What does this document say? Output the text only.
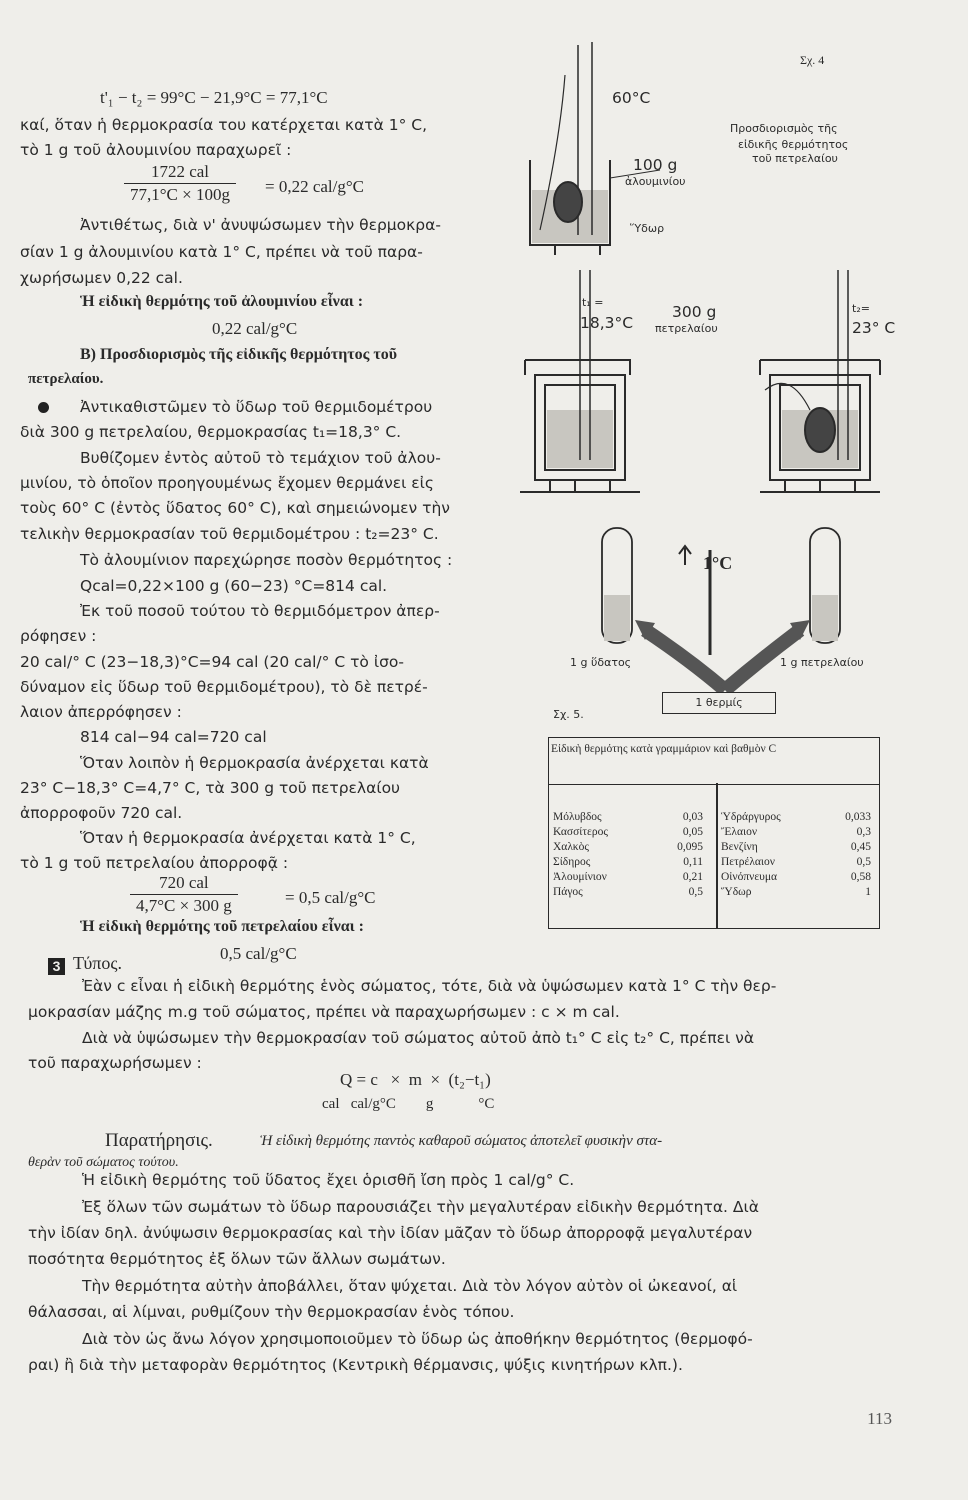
t'₁ − t₂ = 99°C − 21,9°C = 77,1°C
καί, ὅταν ἡ θερμοκρασία του κατέρχεται κατὰ 1° C,
τὸ 1 g τοῦ ἀλουμινίου παραχωρεῖ :
1722 cal
77,1°C × 100g	= 0,22 cal/g°C
Ἀντιθέτως, διὰ ν' ἀνυψώσωμεν τὴν θερμοκρα-
σίαν 1 g ἀλουμινίου κατὰ 1° C, πρέπει νὰ τοῦ παρα-
χωρήσωμεν 0,22 cal.
Ἡ εἰδικὴ θερμότης τοῦ ἀλουμινίου εἶναι :
0,22 cal/g°C
Β) Προσδιορισμὸς τῆς εἰδικῆς θερμότητος τοῦ
πετρελαίου.
Ἀντικαθιστῶμεν τὸ ὕδωρ τοῦ θερμιδομέτρου
διὰ 300 g πετρελαίου, θερμοκρασίας t₁=18,3° C.
Βυθίζομεν ἐντὸς αὐτοῦ τὸ τεμάχιον τοῦ ἀλου-
μινίου, τὸ ὁποῖον προηγουμένως ἔχομεν θερμάνει εἰς
τοὺς 60° C (ἐντὸς ὕδατος 60° C), καὶ σημειώνομεν τὴν
τελικὴν θερμοκρασίαν τοῦ θερμιδομέτρου : t₂=23° C.
Τὸ ἀλουμίνιον παρεχώρησε ποσὸν θερμότητος :
Qcal=0,22×100 g (60−23) °C=814 cal.
Ἐκ τοῦ ποσοῦ τούτου τὸ θερμιδόμετρον ἀπερ-
ρόφησεν :
20 cal/° C (23−18,3)°C=94 cal (20 cal/° C τὸ ἰσο-
δύναμον εἰς ὕδωρ τοῦ θερμιδομέτρου), τὸ δὲ πετρέ-
λαιον ἀπερρόφησεν :
814 cal−94 cal=720 cal
Ὅταν λοιπὸν ἡ θερμοκρασία ἀνέρχεται κατὰ
23° C−18,3° C=4,7° C, τὰ 300 g τοῦ πετρελαίου
ἀπορροφοῦν 720 cal.
Ὅταν ἡ θερμοκρασία ἀνέρχεται κατὰ 1° C,
τὸ 1 g τοῦ πετρελαίου ἀπορροφᾷ :
720 cal
4,7°C × 300 g	= 0,5 cal/g°C
Ἡ εἰδικὴ θερμότης τοῦ πετρελαίου εἶναι :
0,5 cal/g°C
Σχ. 4
Προσδιορισμὸς τῆς
εἰδικῆς θερμότητος
τοῦ πετρελαίου
60°C
100 g
ἀλουμινίου
Ὕδωρ
t₁ =
18,3°C
300 g
πετρελαίου
t₂=
23° C
1°C
1 g ὕδατος	1 g πετρελαίου
1 θερμίς
Σχ. 5.
Εἰδικὴ θερμότης κατὰ γραμμάριον καὶ βαθμὸν C
Μόλυβδος	0,03
Κασσίτερος	0,05
Χαλκὸς	0,095
Σίδηρος	0,11
Ἀλουμίνιον	0,21
Πάγος	0,5
Ὑδράργυρος	0,033
Ἔλαιον	0,3
Βενζίνη	0,45
Πετρέλαιον	0,5
Οἰνόπνευμα	0,58
Ὕδωρ	1
3 Τύπος.
Ἐὰν c εἶναι ἡ εἰδικὴ θερμότης ἑνὸς σώματος, τότε, διὰ νὰ ὑψώσωμεν κατὰ 1° C τὴν θερ-
μοκρασίαν μάζης m.g τοῦ σώματος, πρέπει νὰ παραχωρήσωμεν : c × m cal.
Διὰ νὰ ὑψώσωμεν τὴν θερμοκρασίαν τοῦ σώματος αὐτοῦ ἀπὸ t₁° C εἰς t₂° C, πρέπει νὰ
τοῦ παραχωρήσωμεν :
Q = c   ×  m  ×  (t₂−t₁)
cal   cal/g°C        g            °C
Παρατήρησις.	Ἡ εἰδικὴ θερμότης παντὸς καθαροῦ σώματος ἀποτελεῖ φυσικὴν στα-
θερὰν τοῦ σώματος τούτου.
Ἡ εἰδικὴ θερμότης τοῦ ὕδατος ἔχει ὁρισθῆ ἴση πρὸς 1 cal/g° C.
Ἐξ ὅλων τῶν σωμάτων τὸ ὕδωρ παρουσιάζει τὴν μεγαλυτέραν εἰδικὴν θερμότητα. Διὰ
τὴν ἰδίαν δηλ. ἀνύψωσιν θερμοκρασίας καὶ τὴν ἰδίαν μᾶζαν τὸ ὕδωρ ἀπορροφᾷ μεγαλυτέραν
ποσότητα θερμότητος ἐξ ὅλων τῶν ἄλλων σωμάτων.
Τὴν θερμότητα αὐτὴν ἀποβάλλει, ὅταν ψύχεται. Διὰ τὸν λόγον αὐτὸν οἱ ὠκεανοί, αἱ
θάλασσαι, αἱ λίμναι, ρυθμίζουν τὴν θερμοκρασίαν ἑνὸς τόπου.
Διὰ τὸν ὡς ἄνω λόγον χρησιμοποιοῦμεν τὸ ὕδωρ ὡς ἀποθήκην θερμότητος (θερμοφό-
ραι) ἢ διὰ τὴν μεταφορὰν θερμότητος (Κεντρικὴ θέρμανσις, ψύξις κινητήρων κλπ.).
113
